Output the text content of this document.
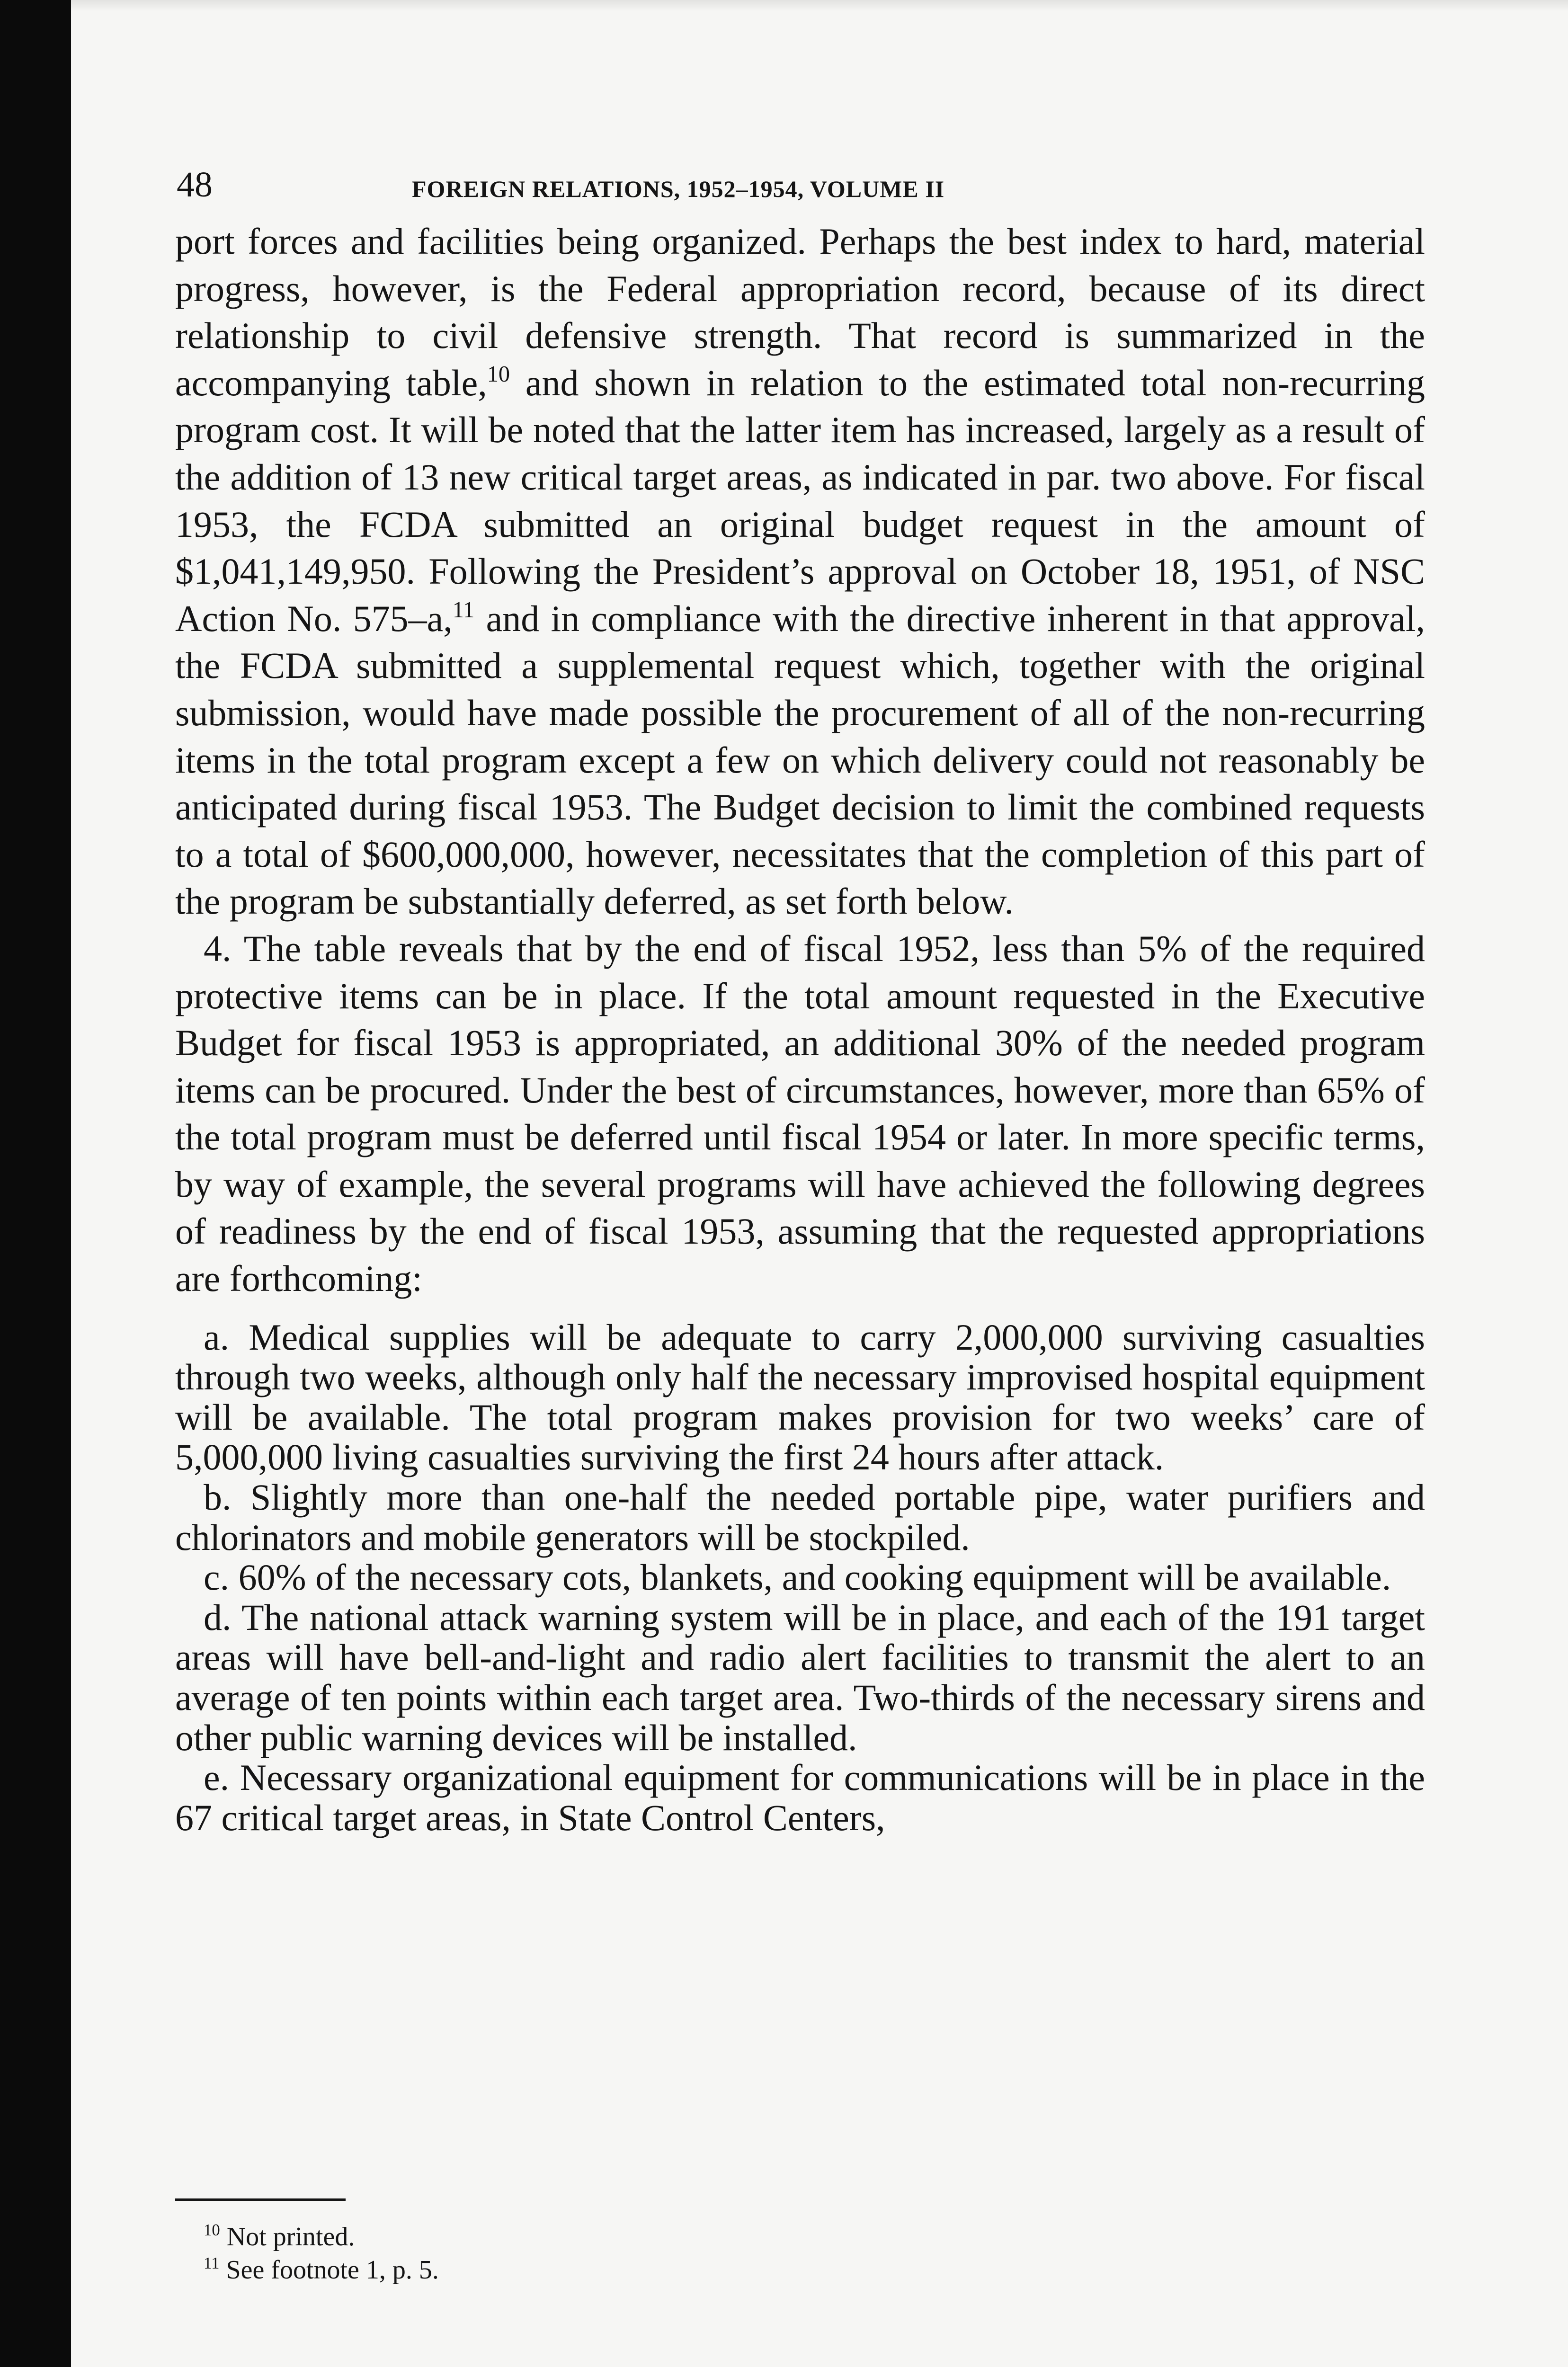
48	FOREIGN RELATIONS, 1952–1954, VOLUME II

port forces and facilities being organized. Perhaps the best index to hard, material progress, however, is the Federal appropriation record, because of its direct relationship to civil defensive strength. That record is summarized in the accompanying table,$^{10}$ and shown in relation to the estimated total non-recurring program cost. It will be noted that the latter item has increased, largely as a result of the addition of 13 new critical target areas, as indicated in par. two above. For fiscal 1953, the FCDA submitted an original budget request in the amount of $1,041,149,950. Following the President’s approval on October 18, 1951, of NSC Action No. 575–a,$^{11}$ and in compliance with the directive inherent in that approval, the FCDA submitted a supplemental request which, together with the original submission, would have made possible the procurement of all of the non-recurring items in the total program except a few on which delivery could not reasonably be anticipated during fiscal 1953. The Budget decision to limit the combined requests to a total of $600,000,000, however, necessitates that the completion of this part of the program be substantially deferred, as set forth below.

4. The table reveals that by the end of fiscal 1952, less than 5% of the required protective items can be in place. If the total amount requested in the Executive Budget for fiscal 1953 is appropriated, an additional 30% of the needed program items can be procured. Under the best of circumstances, however, more than 65% of the total program must be deferred until fiscal 1954 or later. In more specific terms, by way of example, the several programs will have achieved the following degrees of readiness by the end of fiscal 1953, assuming that the requested appropriations are forthcoming:

a. Medical supplies will be adequate to carry 2,000,000 surviving casualties through two weeks, although only half the necessary improvised hospital equipment will be available. The total program makes provision for two weeks’ care of 5,000,000 living casualties surviving the first 24 hours after attack.

b. Slightly more than one-half the needed portable pipe, water purifiers and chlorinators and mobile generators will be stockpiled.

c. 60% of the necessary cots, blankets, and cooking equipment will be available.

d. The national attack warning system will be in place, and each of the 191 target areas will have bell-and-light and radio alert facilities to transmit the alert to an average of ten points within each target area. Two-thirds of the necessary sirens and other public warning devices will be installed.

e. Necessary organizational equipment for communications will be in place in the 67 critical target areas, in State Control Centers,

$^{10}$ Not printed.

$^{11}$ See footnote 1, p. 5.
